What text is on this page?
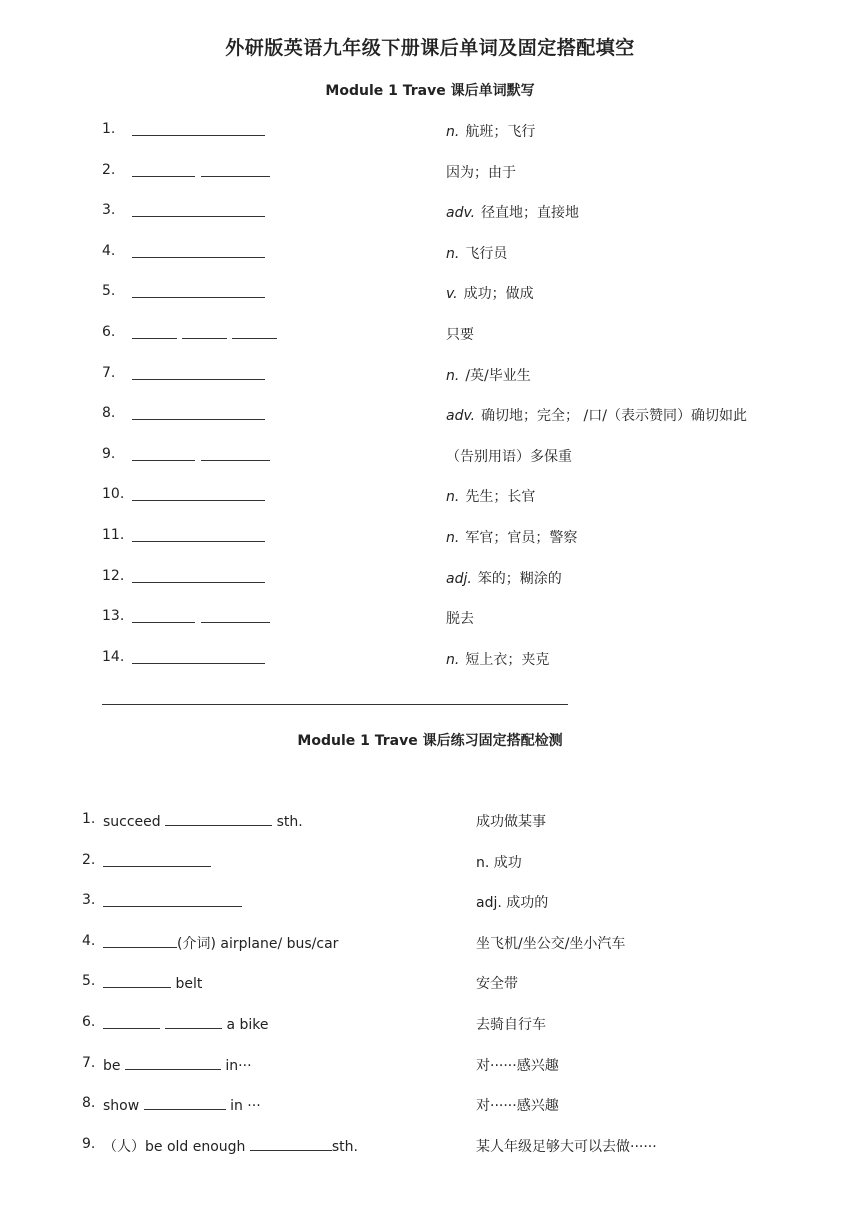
外研版英语九年级下册课后单词及固定搭配填空
Module 1 Trave 课后单词默写
1.	n. 航班；飞行
2.	因为；由于
3.	adv. 径直地；直接地
4.	n. 飞行员
5.	v. 成功；做成
6.	只要
7.	n. /英/毕业生
8.	adv. 确切地；完全； /口/（表示赞同）确切如此
9.	（告别用语）多保重
10.	n. 先生；长官
11.	n. 军官；官员；警察
12.	adj. 笨的；糊涂的
13.	脱去
14.	n. 短上衣；夹克
Module 1 Trave 课后练习固定搭配检测
1. succeed	sth.	成功做某事
2.	n. 成功
3.	adj. 成功的
4.	(介词) airplane/ bus/car	坐飞机/坐公交/坐小汽车
5.	belt	安全带
6.	a bike	去骑自行车
7. be	in···	对······感兴趣
8. show	in ···	对······感兴趣
9. （人）be old enough	sth.	某人年级足够大可以去做······
